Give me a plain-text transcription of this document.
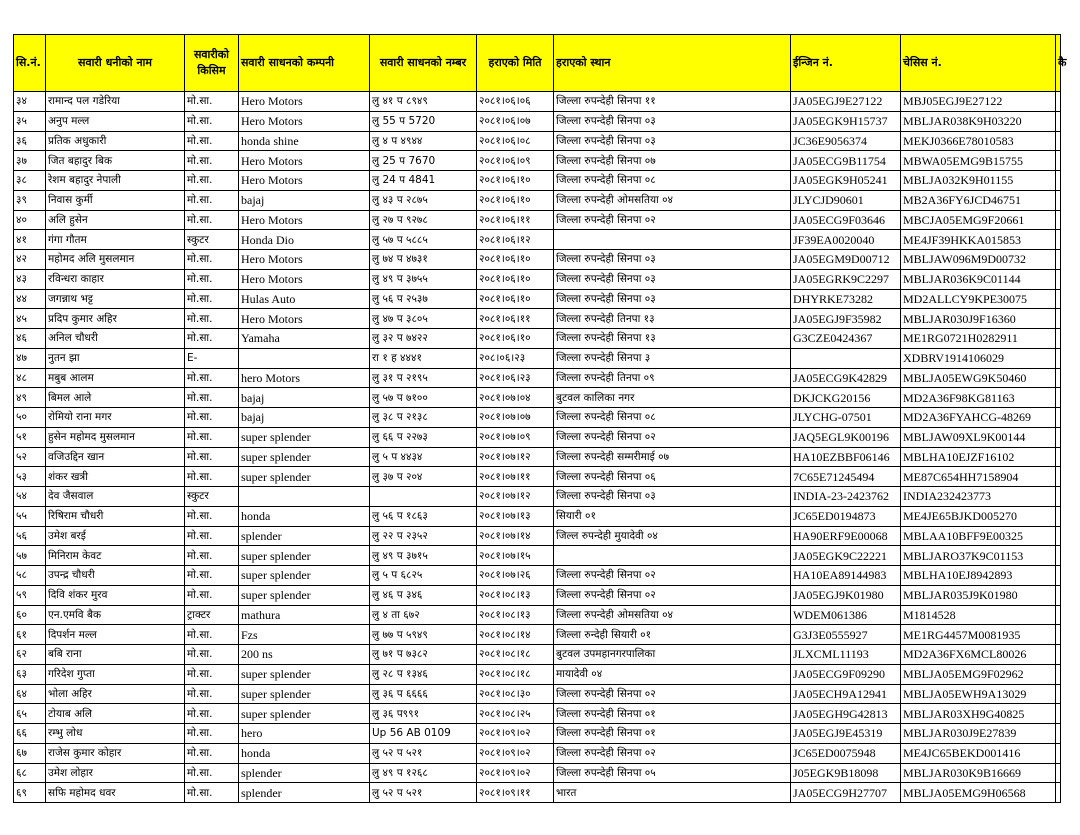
सि.नं.	सवारी धनीको नाम	सवारीको किसिम	सवारी साधनको कम्पनी	सवारी साधनको नम्बर	हराएको मिति	हराएको स्थान	ईन्जिन नं.	चेसिस नं.	कै
३४	रामान्द पल गडेरिया	मो.सा.	Hero Motors	लु ४१ प ८९४९	२०८१।०६।०६	जिल्ला रुपन्देही सिनपा ११	JA05EGJ9E27122	MBJ05EGJ9E27122	
३५	अनुप मल्ल	मो.सा.	Hero Motors	लु 55 प 5720	२०८१।०६।०७	जिल्ला रुपन्देही सिनपा ०३	JA05EGK9H15737	MBLJAR038K9H03220	
३६	प्रतिक अधुकारी	मो.सा.	honda shine	लु ४ प ४९४४	२०८१।०६।०८	जिल्ला रुपन्देही सिनपा ०३	JC36E9056374	MEKJ0366E78010583	
३७	जित बहादुर बिक	मो.सा.	Hero Motors	लु 25 प 7670	२०८१।०६।०९	जिल्ला रुपन्देही सिनपा ०७	JA05ECG9B11754	MBWA05EMG9B15755	
३८	रेशम बहादुर नेपाली	मो.सा.	Hero Motors	लु 24 प 4841	२०८१।०६।१०	जिल्ला रुपन्देही सिनपा ०८	JA05EGK9H05241	MBLJA032K9H01155	
३९	निवास कुर्मी	मो.सा.	bajaj	लु ४३ प २८७५	२०८१।०६।१०	जिल्ला रुपन्देही ओमसतिया ०४	JLYCJD90601	MB2A36FY6JCD46751	
४०	अलि हुसेन	मो.सा.	Hero Motors	लु २७ प ९२७८	२०८१।०६।११	जिल्ला रुपन्देही सिनपा ०२	JA05ECG9F03646	MBCJA05EMG9F20661	
४१	गंगा गौतम	स्कुटर	Honda Dio	लु ५७ प ५८८५	२०८१।०६।१२		JF39EA0020040	ME4JF39HKKA015853	
४२	महोमद अलि मुसलमान	मो.सा.	Hero Motors	लु ७४ प ४७३१	२०८१।०६।१०	जिल्ला रुपन्देही सिनपा ०३	JA05EGM9D00712	MBLJAW096M9D00732	
४३	रविन्धरा काहार	मो.सा.	Hero Motors	लु ४९ प ३७५५	२०८१।०६।१०	जिल्ला रुपन्देही सिनपा ०३	JA05EGRK9C2297	MBLJAR036K9C01144	
४४	जगन्नाथ भट्ट	मो.सा.	Hulas Auto	लु ५६ प २५३७	२०८१।०६।१०	जिल्ला रुपन्देही सिनपा ०३	DHYRKE73282	MD2ALLCY9KPE30075	
४५	प्रदिप कुमार अहिर	मो.सा.	Hero Motors	लु ४७ प ३८०५	२०८१।०६।११	जिल्ला रुपन्देही तिनपा १३	JA05EGJ9F35982	MBLJAR030J9F16360	
४६	अनिल चौधरी	मो.सा.	Yamaha	लु ३२ प ७४२२	२०८१।०६।१०	जिल्ला रुपन्देही सिनपा १३	G3CZE0424367	ME1RG0721H0282911	
४७	नुतन झा	E-		रा १ ह ४४४१	२०८।०६।२३	जिल्ला रुपन्देही सिनपा ३		XDBRV1914106029	
४८	मबुब आलम	मो.सा.	hero Motors	लु ३१ प २१९५	२०८१।०६।२३	जिल्ला रुपन्देही तिनपा ०९	JA05ECG9K42829	MBLJA05EWG9K50460	
४९	बिमल आले	मो.सा.	bajaj	लु ५७ प ७१००	२०८१।०७।०४	बुटवल कालिका नगर	DKJCKG20156	MD2A36F98KG81163	
५०	रोमियो राना मगर	मो.सा.	bajaj	लु ३८ प २१३८	२०८१।०७।०७	जिल्ला रुपन्देही सिनपा ०८	JLYCHG-07501	MD2A36FYAHCG-48269	
५१	हुसेन महोमद मुसलमान	मो.सा.	super splender	लु ६६ प २२७३	२०८१।०७।०९	जिल्ला रुपन्देही सिनपा ०२	JAQ5EGL9K00196	MBLJAW09XL9K00144	
५२	वजिउद्दिन खान	मो.सा.	super splender	लु ५ प ४४३४	२०८१।०७।१२	जिल्ला रुपन्देही सम्मरीमाई ०७	HA10EZBBF06146	MBLHA10EJZF16102	
५३	शंकर खत्री	मो.सा.	super splender	लु ३७ प २०४	२०८१।०७।११	जिल्ला रुपन्देही सिनपा ०६	7C65E71245494	ME87C654HH7158904	
५४	देव जैसवाल	स्कुटर			२०८१।०७।१२	जिल्ला रुपन्देही सिनपा ०३	INDIA-23-2423762	INDIA232423773	
५५	रिषिराम चौधरी	मो.सा.	honda	लु ५६ प १८६३	२०८१।०७।१३	सियारी ०१	JC65ED0194873	ME4JE65BJKD005270	
५६	उमेश बरई	मो.सा.	splender	लु २२ प २३५२	२०८१।०७।१४	जिल्ल रुपन्देही मुयादेवी ०४	HA90ERF9E00068	MBLAA10BFF9E00325	
५७	मिनिराम केवट	मो.सा.	super splender	लु ४९ प ३७१५	२०८१।०७।१५		JA05EGK9C22221	MBLJARO37K9C01153	
५८	उपन्द्र चौधरी	मो.सा.	super splender	लु ५ प ६८२५	२०८१।०७।२६	जिल्ला रुपन्देही सिनपा ०२	HA10EA89144983	MBLHA10EJ8942893	
५९	दिवि शंकर मुरव	मो.सा.	super splender	लु ४६ प ३४६	२०८१।०८।१३	जिल्ला रुपन्देही सिनपा ०२	JA05EGJ9K01980	MBLJAR035J9K01980	
६०	एन.एमवि बैक	ट्राक्टर	mathura	लु ४ ता ६७२	२०८१।०८।१३	जिल्ला रुपन्देही ओमसतिया ०४	WDEM061386	M1814528	
६१	दिपर्शन मल्ल	मो.सा.	Fzs	लु ७७ प ५९४९	२०८१।०८।१४	जिल्ला रुन्देही सियारी ०१	G3J3E0555927	ME1RG4457M0081935	
६२	बबि राना	मो.सा.	200 ns	लु ७१ प ७३८२	२०८१।०८।१८	बुटवल उपमहानगरपालिका	JLXCML11193	MD2A36FX6MCL80026	
६३	गरिदेश गुप्ता	मो.सा.	super splender	लु २८ प १३४६	२०८१।०८।१८	मायादेवी ०४	JA05ECG9F09290	MBLJA05EMG9F02962	
६४	भोला अहिर	मो.सा.	super splender	लु ३६ प ६६६६	२०८१।०८।३०	जिल्ला रुपन्देही सिनपा ०२	JA05ECH9A12941	MBLJA05EWH9A13029	
६५	टोयाब अलि	मो.सा.	super splender	लु ३६ प९९१	२०८१।०८।२५	जिल्ला रुपन्देही सिनपा ०१	JA05EGH9G42813	MBLJAR03XH9G40825	
६६	रम्भु लोध	मो.सा.	hero	Up 56 AB 0109	२०८१।०९।०२	जिल्ला रुपन्देही सिनपा ०१	JA05EGJ9E45319	MBLJAR030J9E27839	
६७	राजेस कुमार कोहार	मो.सा.	honda	लु ५२ प ५२१	२०८१।०९।०२	जिल्ला रुपन्देही सिनपा ०२	JC65ED0075948	ME4JC65BEKD001416	
६८	उमेश लोहार	मो.सा.	splender	लु ४९ प १२६८	२०८१।०९।०२	जिल्ला रुपन्देही सिनपा ०५	J05EGK9B18098	MBLJAR030K9B16669	
६९	सफि महोमद धवर	मो.सा.	splender	लु ५२ प ५२१	२०८१।०९।११	भारत	JA05ECG9H27707	MBLJA05EMG9H06568	
